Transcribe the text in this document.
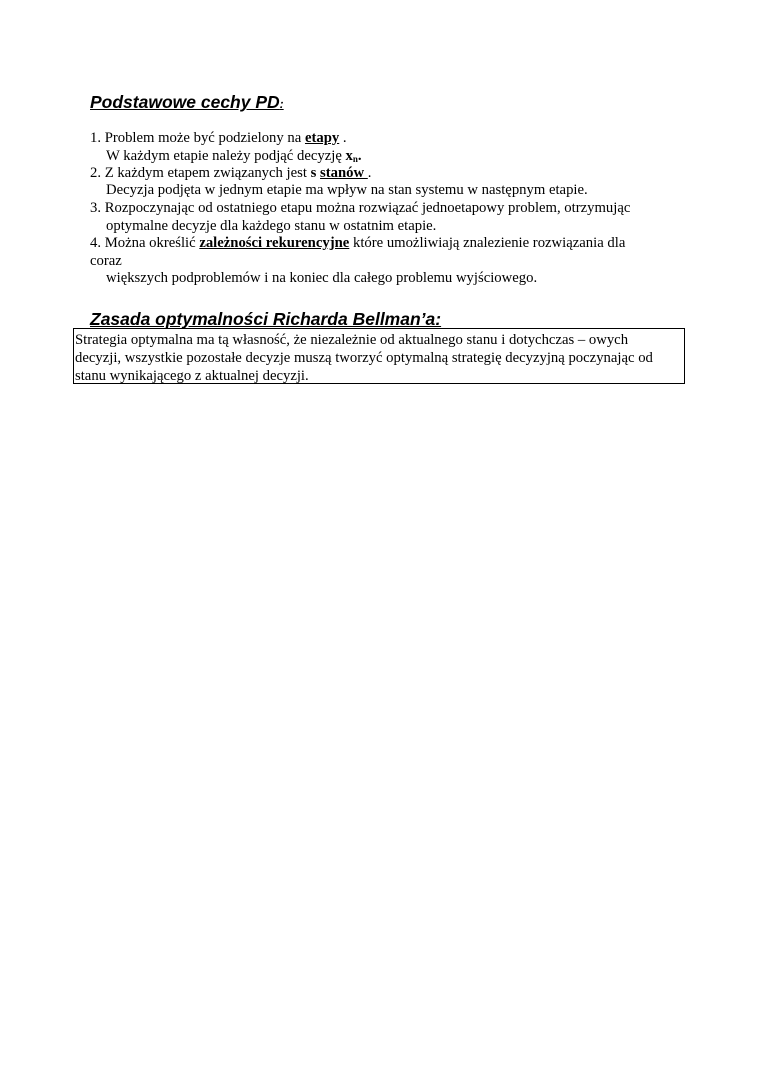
Podstawowe cechy PD:
1. Problem może być podzielony na etapy .
W każdym etapie należy podjąć decyzję $x_n$.
2. Z każdym etapem związanych jest s stanów .
Decyzja podjęta w jednym etapie ma wpływ na stan systemu w następnym etapie.
3. Rozpoczynając od ostatniego etapu można rozwiązać jednoetapowy problem, otrzymując
optymalne decyzje dla każdego stanu w ostatnim etapie.
4. Można określić zależności rekurencyjne które umożliwiają znalezienie rozwiązania dla
coraz
większych podproblemów i na koniec dla całego problemu wyjściowego.
Zasada optymalności Richarda Bellman’a:
Strategia optymalna ma tą własność, że niezależnie od aktualnego stanu i dotychczas – owych
decyzji, wszystkie pozostałe decyzje muszą tworzyć optymalną strategię decyzyjną poczynając od
stanu wynikającego z aktualnej decyzji.
